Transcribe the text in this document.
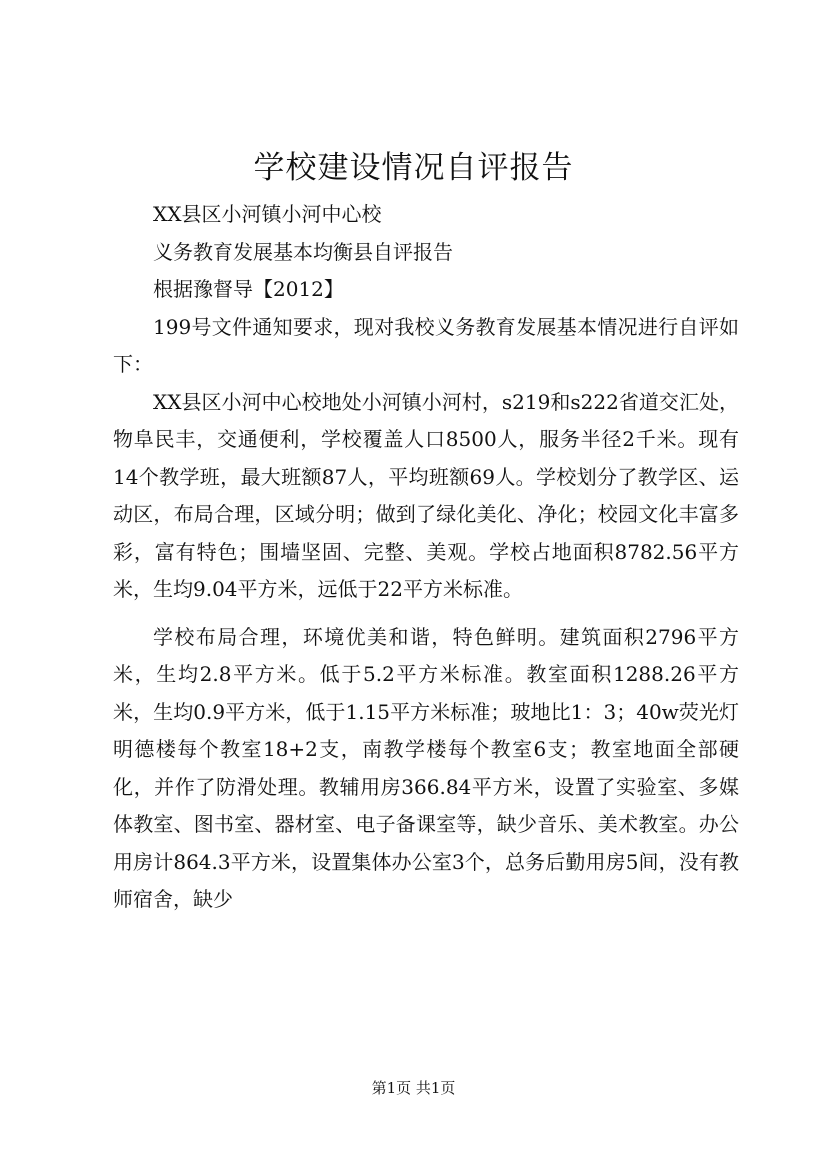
学校建设情况自评报告

XX县区小河镇小河中心校

义务教育发展基本均衡县自评报告

根据豫督导【2012】

199号文件通知要求，现对我校义务教育发展基本情况进行自评如下：

XX县区小河中心校地处小河镇小河村，s219和s222省道交汇处，物阜民丰，交通便利，学校覆盖人口8500人，服务半径2千米。现有14个教学班，最大班额87人，平均班额69人。学校划分了教学区、运动区，布局合理，区域分明；做到了绿化美化、净化；校园文化丰富多彩，富有特色；围墙坚固、完整、美观。学校占地面积8782.56平方米，生均9.04平方米，远低于22平方米标准。

学校布局合理，环境优美和谐，特色鲜明。建筑面积2796平方米，生均2.8平方米。低于5.2平方米标准。教室面积1288.26平方米，生均0.9平方米，低于1.15平方米标准；玻地比1：3；40w荧光灯明德楼每个教室18+2支，南教学楼每个教室6支；教室地面全部硬化，并作了防滑处理。教辅用房366.84平方米，设置了实验室、多媒体教室、图书室、器材室、电子备课室等，缺少音乐、美术教室。办公用房计864.3平方米，设置集体办公室3个，总务后勤用房5间，没有教师宿舍，缺少

第1页 共1页
